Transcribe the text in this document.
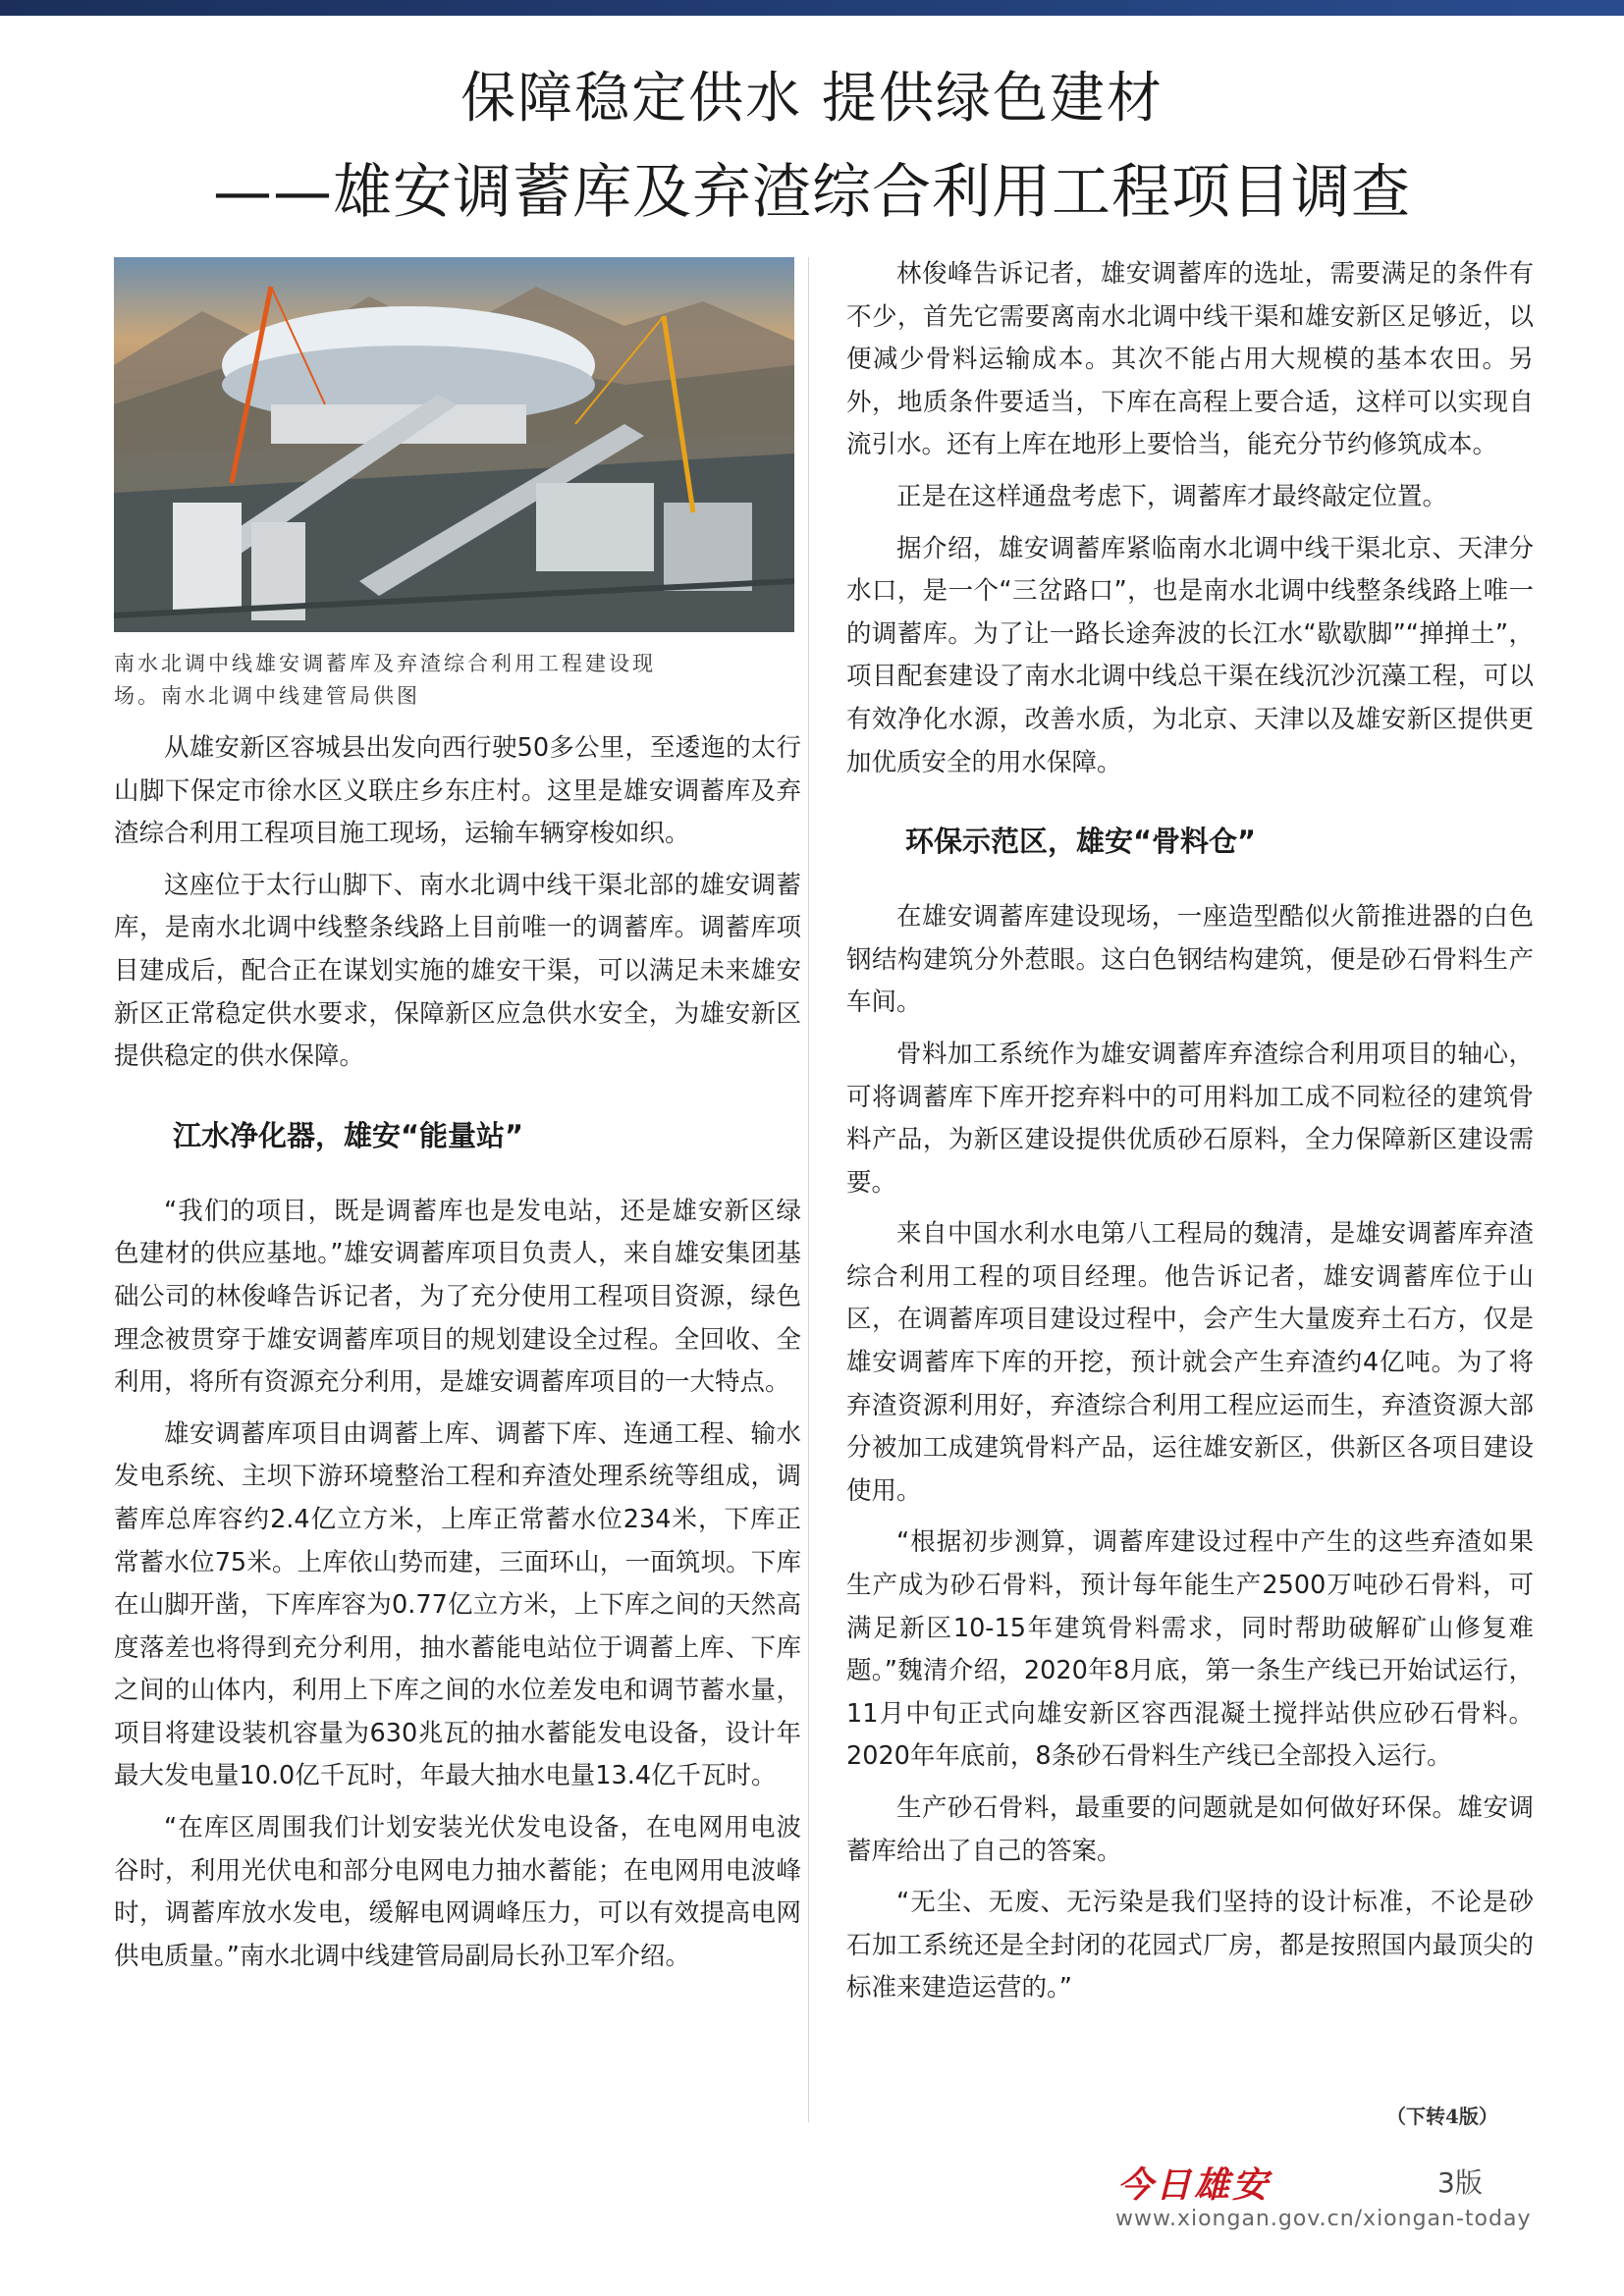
保障稳定供水 提供绿色建材
——雄安调蓄库及弃渣综合利用工程项目调查
南水北调中线雄安调蓄库及弃渣综合利用工程建设现
场。南水北调中线建管局供图

从雄安新区容城县出发向西行驶50多公里，至逶迤的太行山脚下保定市徐水区义联庄乡东庄村。这里是雄安调蓄库及弃渣综合利用工程项目施工现场，运输车辆穿梭如织。

这座位于太行山脚下、南水北调中线干渠北部的雄安调蓄库，是南水北调中线整条线路上目前唯一的调蓄库。调蓄库项目建成后，配合正在谋划实施的雄安干渠，可以满足未来雄安新区正常稳定供水要求，保障新区应急供水安全，为雄安新区提供稳定的供水保障。

江水净化器，雄安“能量站”

“我们的项目，既是调蓄库也是发电站，还是雄安新区绿色建材的供应基地。”雄安调蓄库项目负责人，来自雄安集团基础公司的林俊峰告诉记者，为了充分使用工程项目资源，绿色理念被贯穿于雄安调蓄库项目的规划建设全过程。全回收、全利用，将所有资源充分利用，是雄安调蓄库项目的一大特点。

雄安调蓄库项目由调蓄上库、调蓄下库、连通工程、输水发电系统、主坝下游环境整治工程和弃渣处理系统等组成，调蓄库总库容约2.4亿立方米，上库正常蓄水位234米，下库正常蓄水位75米。上库依山势而建，三面环山，一面筑坝。下库在山脚开凿，下库库容为0.77亿立方米，上下库之间的天然高度落差也将得到充分利用，抽水蓄能电站位于调蓄上库、下库之间的山体内，利用上下库之间的水位差发电和调节蓄水量，项目将建设装机容量为630兆瓦的抽水蓄能发电设备，设计年最大发电量10.0亿千瓦时，年最大抽水电量13.4亿千瓦时。

“在库区周围我们计划安装光伏发电设备，在电网用电波谷时，利用光伏电和部分电网电力抽水蓄能；在电网用电波峰时，调蓄库放水发电，缓解电网调峰压力，可以有效提高电网供电质量。”南水北调中线建管局副局长孙卫军介绍。

林俊峰告诉记者，雄安调蓄库的选址，需要满足的条件有不少，首先它需要离南水北调中线干渠和雄安新区足够近，以便减少骨料运输成本。其次不能占用大规模的基本农田。另外，地质条件要适当，下库在高程上要合适，这样可以实现自流引水。还有上库在地形上要恰当，能充分节约修筑成本。

正是在这样通盘考虑下，调蓄库才最终敲定位置。

据介绍，雄安调蓄库紧临南水北调中线干渠北京、天津分水口，是一个“三岔路口”，也是南水北调中线整条线路上唯一的调蓄库。为了让一路长途奔波的长江水“歇歇脚”“掸掸土”，项目配套建设了南水北调中线总干渠在线沉沙沉藻工程，可以有效净化水源，改善水质，为北京、天津以及雄安新区提供更加优质安全的用水保障。

环保示范区，雄安“骨料仓”

在雄安调蓄库建设现场，一座造型酷似火箭推进器的白色钢结构建筑分外惹眼。这白色钢结构建筑，便是砂石骨料生产车间。

骨料加工系统作为雄安调蓄库弃渣综合利用项目的轴心，可将调蓄库下库开挖弃料中的可用料加工成不同粒径的建筑骨料产品，为新区建设提供优质砂石原料，全力保障新区建设需要。

来自中国水利水电第八工程局的魏清，是雄安调蓄库弃渣综合利用工程的项目经理。他告诉记者，雄安调蓄库位于山区，在调蓄库项目建设过程中，会产生大量废弃土石方，仅是雄安调蓄库下库的开挖，预计就会产生弃渣约4亿吨。为了将弃渣资源利用好，弃渣综合利用工程应运而生，弃渣资源大部分被加工成建筑骨料产品，运往雄安新区，供新区各项目建设使用。

“根据初步测算，调蓄库建设过程中产生的这些弃渣如果生产成为砂石骨料，预计每年能生产2500万吨砂石骨料，可满足新区10-15年建筑骨料需求，同时帮助破解矿山修复难题。”魏清介绍，2020年8月底，第一条生产线已开始试运行，11月中旬正式向雄安新区容西混凝土搅拌站供应砂石骨料。2020年年底前，8条砂石骨料生产线已全部投入运行。

生产砂石骨料，最重要的问题就是如何做好环保。雄安调蓄库给出了自己的答案。

“无尘、无废、无污染是我们坚持的设计标准，不论是砂石加工系统还是全封闭的花园式厂房，都是按照国内最顶尖的标准来建造运营的。”

（下转4版）
今日雄安	3版
www.xiongan.gov.cn/xiongan-today
